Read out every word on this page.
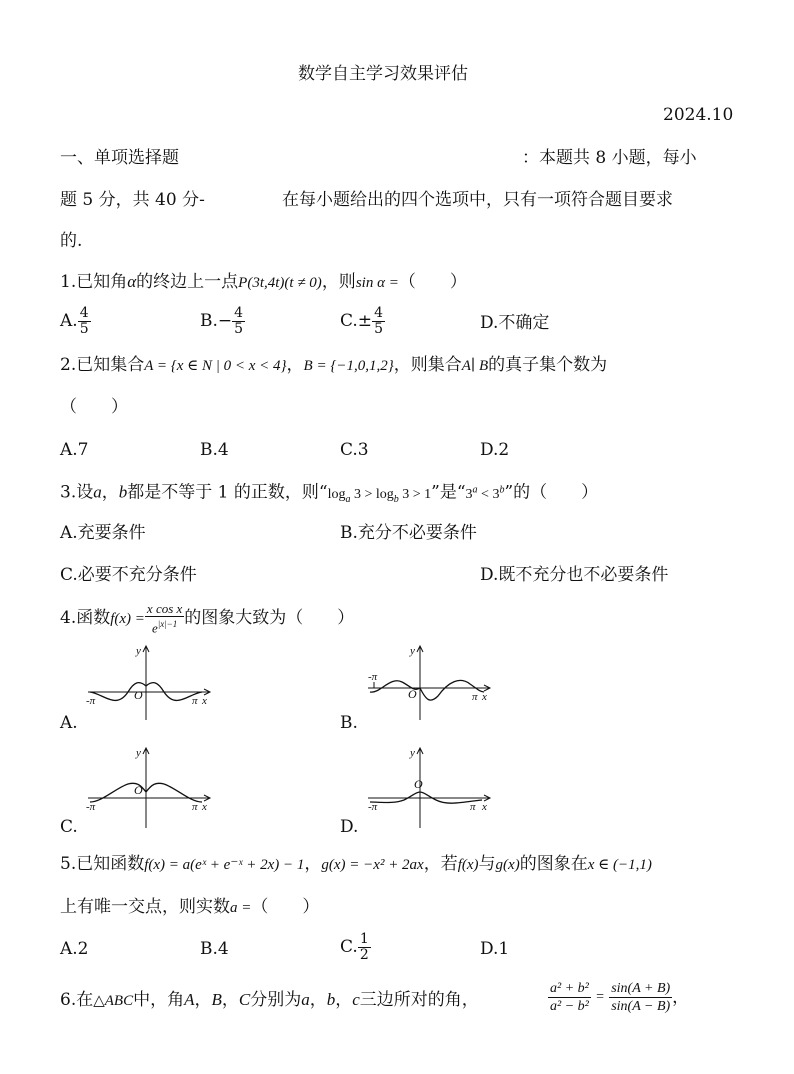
数学自主学习效果评估
2024.10
一、单项选择题	：本题共 8 小题，每小
题 5 分，共 40 分-	在每小题给出的四个选项中，只有一项符合题目要求
的.
1.已知角α的终边上一点P(3t,4t)(t ≠ 0)，则sin α =（　　）
A. $\frac{4}{5}$	$B.- \frac{4}{5}$	$C.\pm \frac{4}{5}$	D.不确定
2.已知集合A = {x ∈ N | 0 < x < 4}，B = {−1,0,1,2}，则集合A∣ B的真子集个数为
（　　）
A.7	B.4	C.3	D.2
3.设a，b都是不等于 1 的正数，则“$\log_a$ $3 > \log_b 3 > 1$”是“$3^a < 3^b$”的（　　）
A.充要条件	B.充分不必要条件
C.必要不充分条件	D.既不充分也不必要条件
4.函数$f(x) = \frac{\text{x cos x}}{e^{|x|-1}}$ 的图象大致为（　　）
A.	B.
C.	D.
-π	π x
O
y
-π
π x
O
y
-π	π x
O
y
-π	π x
O
y
5.已知函数f(x) = a(eˣ + e⁻ˣ + 2x) − 1，g(x) = −x² + 2ax，若f(x)与g(x)的图象在x ∈ (−1,1)
上有唯一交点，则实数a =（　　）
A.2	B.4	C. $\frac{1}{2}$	D.1
6.在△ABC中，角A，B，C分别为a，b，c三边所对的角，	$\frac{\text{a² + b²}}{\text{a² − b²}} = \frac{\sin(A + B)}{\sin(A - B)}$ ，
